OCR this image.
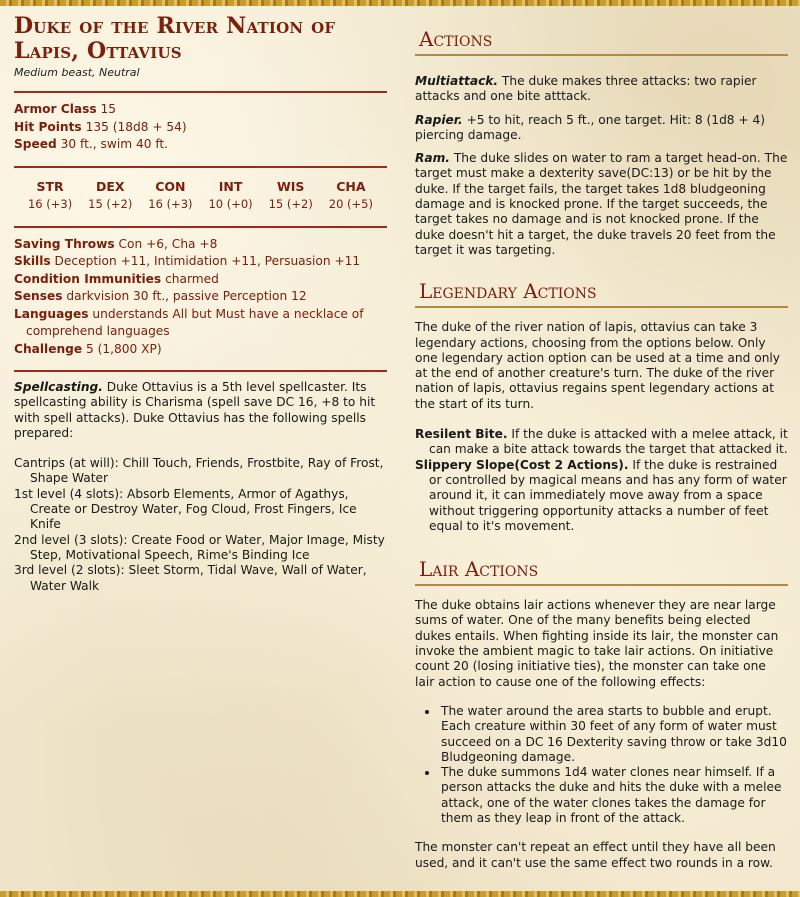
Duke of the River Nation of
Lapis, Ottavius
Medium beast, Neutral
Armor Class 15
Hit Points 135 (18d8 + 54)
Speed 30 ft., swim 40 ft.
STR
16 (+3)
DEX
15 (+2)
CON
16 (+3)
INT
10 (+0)
WIS
15 (+2)
CHA
20 (+5)
Saving Throws Con +6, Cha +8
Skills Deception +11, Intimidation +11, Persuasion +11
Condition Immunities charmed
Senses darkvision 30 ft., passive Perception 12
Languages understands All but Must have a necklace of comprehend languages
Challenge 5 (1,800 XP)
Spellcasting. Duke Ottavius is a 5th level spellcaster. Its spellcasting ability is Charisma (spell save DC 16, +8 to hit with spell attacks). Duke Ottavius has the following spells prepared:
Cantrips (at will): Chill Touch, Friends, Frostbite, Ray of Frost, Shape Water
1st level (4 slots): Absorb Elements, Armor of Agathys, Create or Destroy Water, Fog Cloud, Frost Fingers, Ice Knife
2nd level (3 slots): Create Food or Water, Major Image, Misty Step, Motivational Speech, Rime's Binding Ice
3rd level (2 slots): Sleet Storm, Tidal Wave, Wall of Water, Water Walk
Actions
Multiattack. The duke makes three attacks: two rapier attacks and one bite atttack.
Rapier. +5 to hit, reach 5 ft., one target. Hit: 8 (1d8 + 4) piercing damage.
Ram. The duke slides on water to ram a target head-on. The target must make a dexterity save(DC:13) or be hit by the duke. If the target fails, the target takes 1d8 bludgeoning damage and is knocked prone. If the target succeeds, the target takes no damage and is not knocked prone. If the duke doesn't hit a target, the duke travels 20 feet from the target it was targeting.
Legendary Actions
The duke of the river nation of lapis, ottavius can take 3 legendary actions, choosing from the options below. Only one legendary action option can be used at a time and only at the end of another creature's turn. The duke of the river nation of lapis, ottavius regains spent legendary actions at the start of its turn.
Resilent Bite. If the duke is attacked with a melee attack, it can make a bite attack towards the target that attacked it.
Slippery Slope(Cost 2 Actions). If the duke is restrained or controlled by magical means and has any form of water around it, it can immediately move away from a space without triggering opportunity attacks a number of feet equal to it's movement.
Lair Actions
The duke obtains lair actions whenever they are near large sums of water. One of the many benefits being elected dukes entails. When fighting inside its lair, the monster can invoke the ambient magic to take lair actions. On initiative count 20 (losing initiative ties), the monster can take one lair action to cause one of the following effects:
• The water around the area starts to bubble and erupt. Each creature within 30 feet of any form of water must succeed on a DC 16 Dexterity saving throw or take 3d10 Bludgeoning damage.
• The duke summons 1d4 water clones near himself. If a person attacks the duke and hits the duke with a melee attack, one of the water clones takes the damage for them as they leap in front of the attack.
The monster can't repeat an effect until they have all been used, and it can't use the same effect two rounds in a row.
